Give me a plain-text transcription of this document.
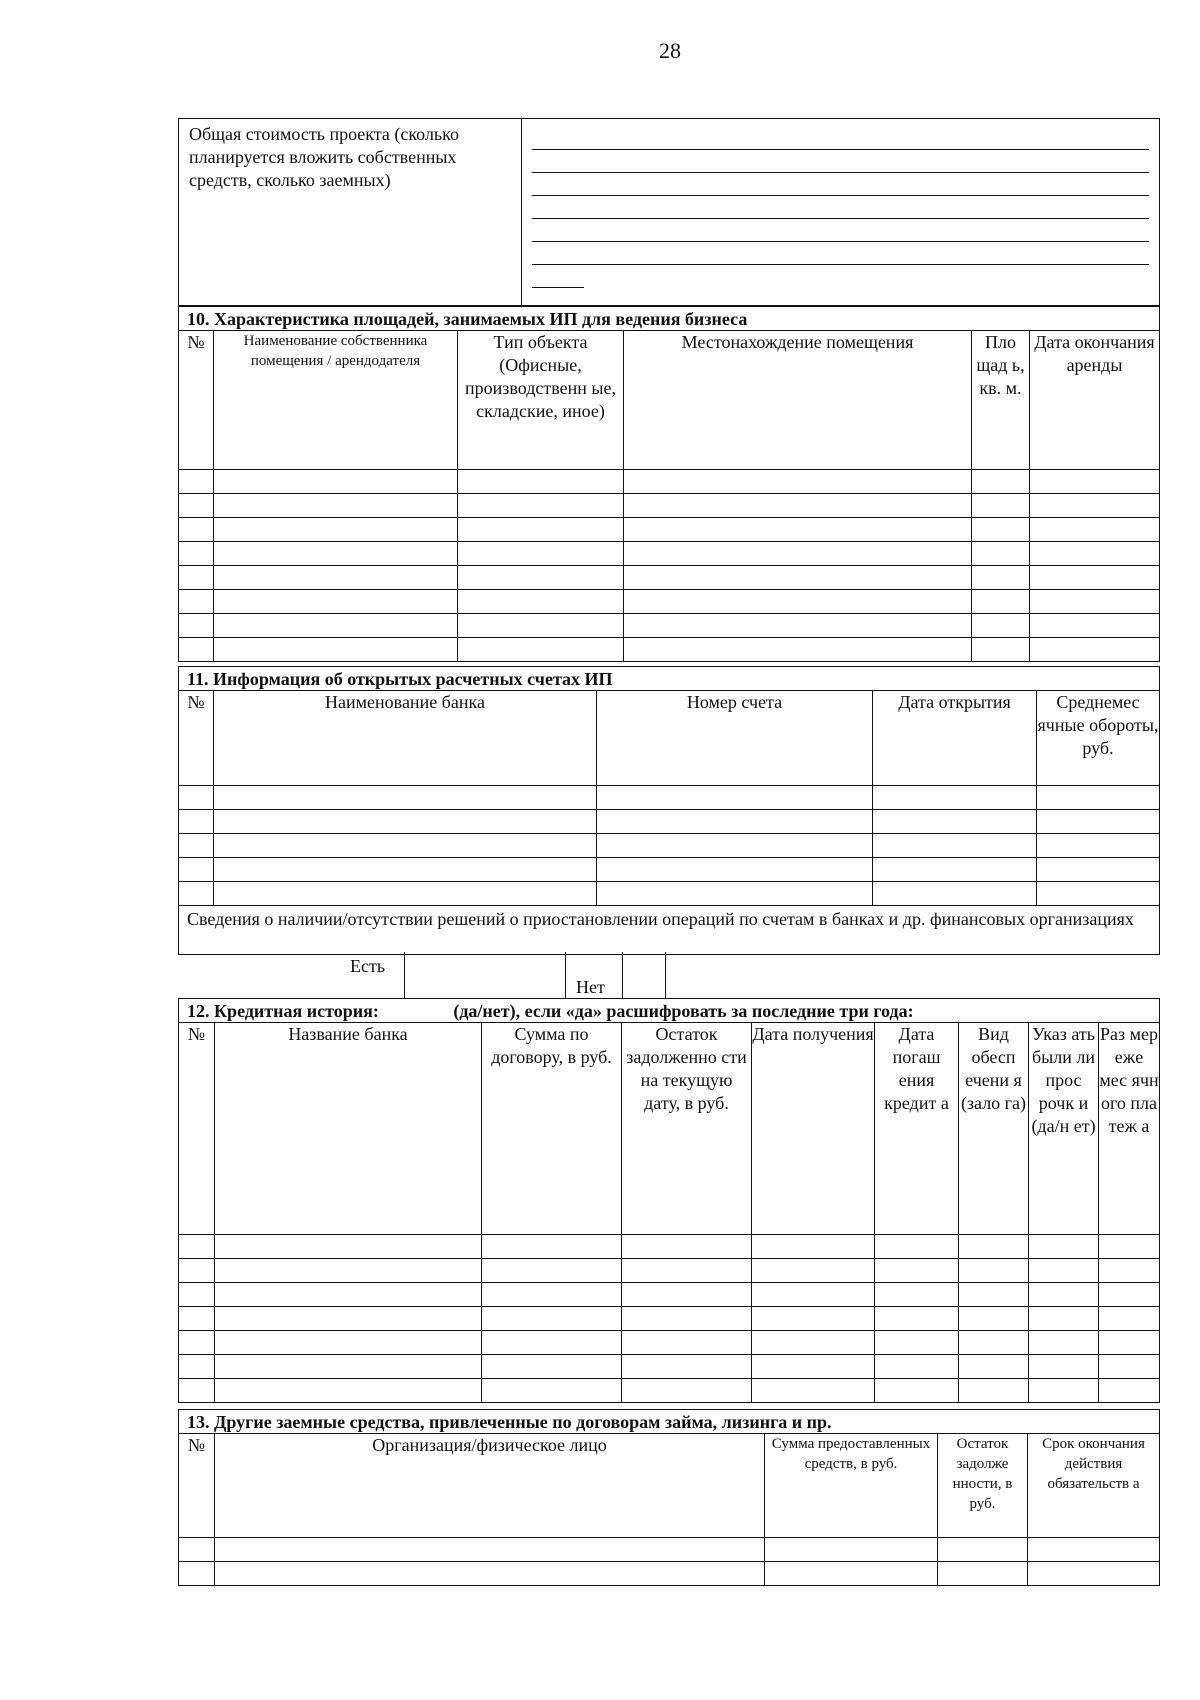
28
Общая стоимость проекта (сколько планируется вложить собственных средств, сколько заемных)	
10. Характеристика площадей, занимаемых ИП для ведения бизнеса					
№	Наименование собственника помещения / арендодателя	Тип объекта (Офисные, производственн ые, складские, иное)	Местонахождение помещения	Пло щад ь, кв. м.	Дата окончания аренды

11. Информация об открытых расчетных счетах ИП				
№	Наименование банка	Номер счета	Дата открытия	Среднемес ячные обороты, руб.

Сведения о наличии/отсутствии решений о приостановлении операций по счетам в банках и др. финансовых организациях				
Есть
Нет
12. Кредитная история: (да/нет), если «да» расшифровать за последние три года:								
№	Название банка	Сумма по договору, в руб.	Остаток задолженно сти на текущую дату, в руб.	Дата получения	Дата погаш ения кредит а	Вид обесп ечени я (зало га)	Указ ать были ли прос рочк и (да/н ет)	Раз мер ежe мес ячн ого пла теж а

13. Другие заемные средства, привлеченные по договорам займа, лизинга и пр.				
№	Организация/физическое лицо	Сумма предоставленных средств, в руб.	Остаток задолже нности, в руб.	Срок окончания действия обязательств а
